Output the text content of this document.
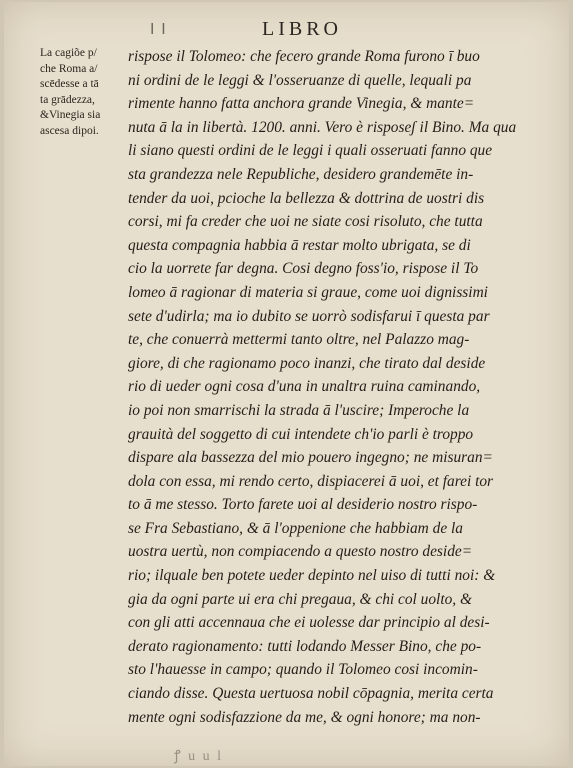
I I	LIBRO
La cagiõe p/
che Roma a/
scēdesse a tā
ta grādezza,
&Vinegia sia
ascesa dipoi.
rispose il Tolomeo: che fecero grande Roma furono ī buo
ni ordini de le leggi & l'osseruanze di quelle, lequali pa
rimente hanno fatta anchora grande Vinegia, & mante=
nuta ā la in libertà. 1200. anni. Vero è risposeʃ il Bino. Ma qua
li siano questi ordini de le leggi i quali osseruati fanno que
sta grandezza nele Republiche, desidero grandemēte in-
tender da uoi, pcioche la bellezza & dottrina de uostri dis
corsi, mi fa creder che uoi ne siate cosi risoluto, che tutta
questa compagnia habbia ā restar molto ubrigata, se di
cio la uorrete far degna. Cosi degno foss'io, rispose il To
lomeo ā ragionar di materia si graue, come uoi dignissimi
sete d'udirla; ma io dubito se uorrò sodisfarui ī questa par
te, che conuerrà mettermi tanto oltre, nel Palazzo mag-
giore, di che ragionamo poco inanzi, che tirato dal deside
rio di ueder ogni cosa d'una in unaltra ruina caminando,
io poi non smarrischi la strada ā l'uscire; Imperoche la
grauità del soggetto di cui intendete ch'io parli è troppo
dispare ala bassezza del mio pouero ingegno; ne misuran=
dola con essa, mi rendo certo, dispiacerei ā uoi, et farei tor
to ā me stesso. Torto farete uoi al desiderio nostro rispo-
se Fra Sebastiano, & ā l'oppenione che habbiam de la
uostra uertù, non compiacendo a questo nostro deside=
rio; ilquale ben potete ueder depinto nel uiso di tutti noi: &
gia da ogni parte ui era chi pregaua, & chi col uolto, &
con gli atti accennaua che ei uolesse dar principio al desi-
derato ragionamento: tutti lodando Messer Bino, che po-
sto l'hauesse in campo; quando il Tolomeo cosi incomin-
ciando disse. Questa uertuosa nobil cōpagnia, merita certa
mente ogni sodisfazzione da me, & ogni honore; ma non-
ꝭ u u l
